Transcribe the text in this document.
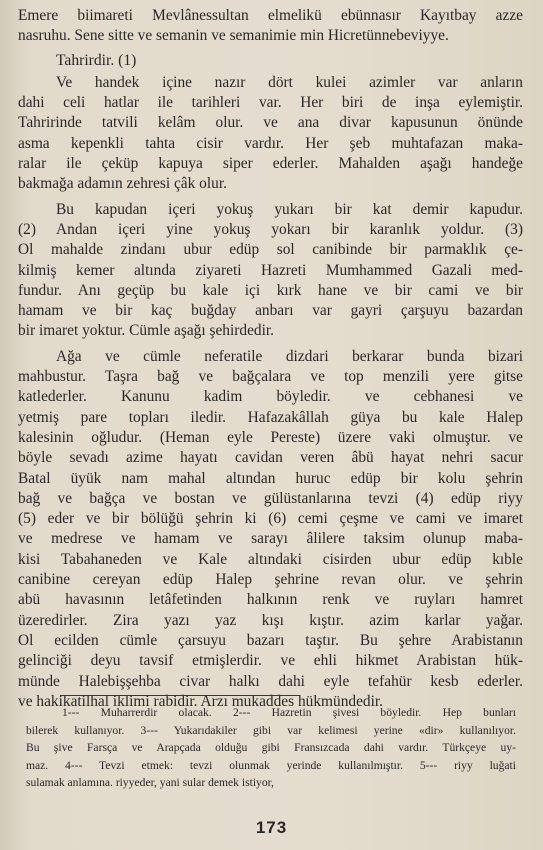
Emere biimareti Mevlânessultan elmelikü ebünnasır Kayıtbay azze
nasruhu. Sene sitte ve semanin ve semanimie min Hicretünnebeviyye.
Tahrirdir. (1)
Ve handek içine nazır dört kulei azimler var anların
dahi celi hatlar ile tarihleri var. Her biri de inşa eylemiştir.
Tahririnde tatvili kelâm olur. ve ana divar kapusunun önünde
asma kepenkli tahta cisir vardır. Her şeb muhtafazan maka-
ralar ile çeküp kapuya siper ederler. Mahalden aşağı handeğe
bakmağa adamın zehresi çâk olur.
Bu kapudan içeri yokuş yukarı bir kat demir kapudur.
(2) Andan içeri yine yokuş yokarı bir karanlık yoldur. (3)
Ol mahalde zindanı ubur edüp sol canibinde bir parmaklık çe-
kilmiş kemer altında ziyareti Hazreti Mumhammed Gazali med-
fundur. Anı geçüp bu kale içi kırk hane ve bir cami ve bir
hamam ve bir kaç buğday anbarı var gayri çarşuyu bazardan
bir imaret yoktur. Cümle aşağı şehirdedir.
Ağa ve cümle neferatile dizdari berkarar bunda bizari
mahbustur. Taşra bağ ve bağçalara ve top menzili yere gitse
katlederler. Kanunu kadim böyledir. ve cebhanesi ve
yetmiş pare topları iledir. Hafazakâllah güya bu kale Halep
kalesinin oğludur. (Heman eyle Pereste) üzere vaki olmuştur. ve
böyle sevadı azime hayatı cavidan veren âbü hayat nehri sacur
Batal üyük nam mahal altından huruc edüp bir kolu şehrin
bağ ve bağça ve bostan ve gülüstanlarına tevzi (4) edüp riyy
(5) eder ve bir bölüğü şehrin ki (6) cemi çeşme ve cami ve imaret
ve medrese ve hamam ve sarayı âlilere taksim olunup maba-
kisi Tabahaneden ve Kale altındaki cisirden ubur edüp kıble
canibine cereyan edüp Halep şehrine revan olur. ve şehrin
abü havasının letâfetinden halkının renk ve ruyları hamret
üzeredirler. Zira yazı yaz kışı kıştır. azim karlar yağar.
Ol ecilden cümle çarsuyu bazarı taştır. Bu şehre Arabistanın
gelinciği deyu tavsif etmişlerdir. ve ehli hikmet Arabistan hük-
münde Halebişşehba civar halkı dahi eyle tefahür kesb ederler.
ve hakikatilhal iklimi rabidir. Arzı mukaddes hükmündedir.
1--- Muharrerdir olacak. 2--- Hazretin şivesi böyledir. Hep bunları
bilerek kullanıyor. 3--- Yukarıdakiler gibi var kelimesi yerine «dir» kullanılıyor.
Bu şive Farsça ve Arapçada olduğu gibi Fransızcada dahi vardır. Türkçeye uy-
maz. 4--- Tevzi etmek: tevzi olunmak yerinde kullanılmıştır. 5--- riyy luğati
sulamak anlamına. riyyeder, yani sular demek istiyor,
173
